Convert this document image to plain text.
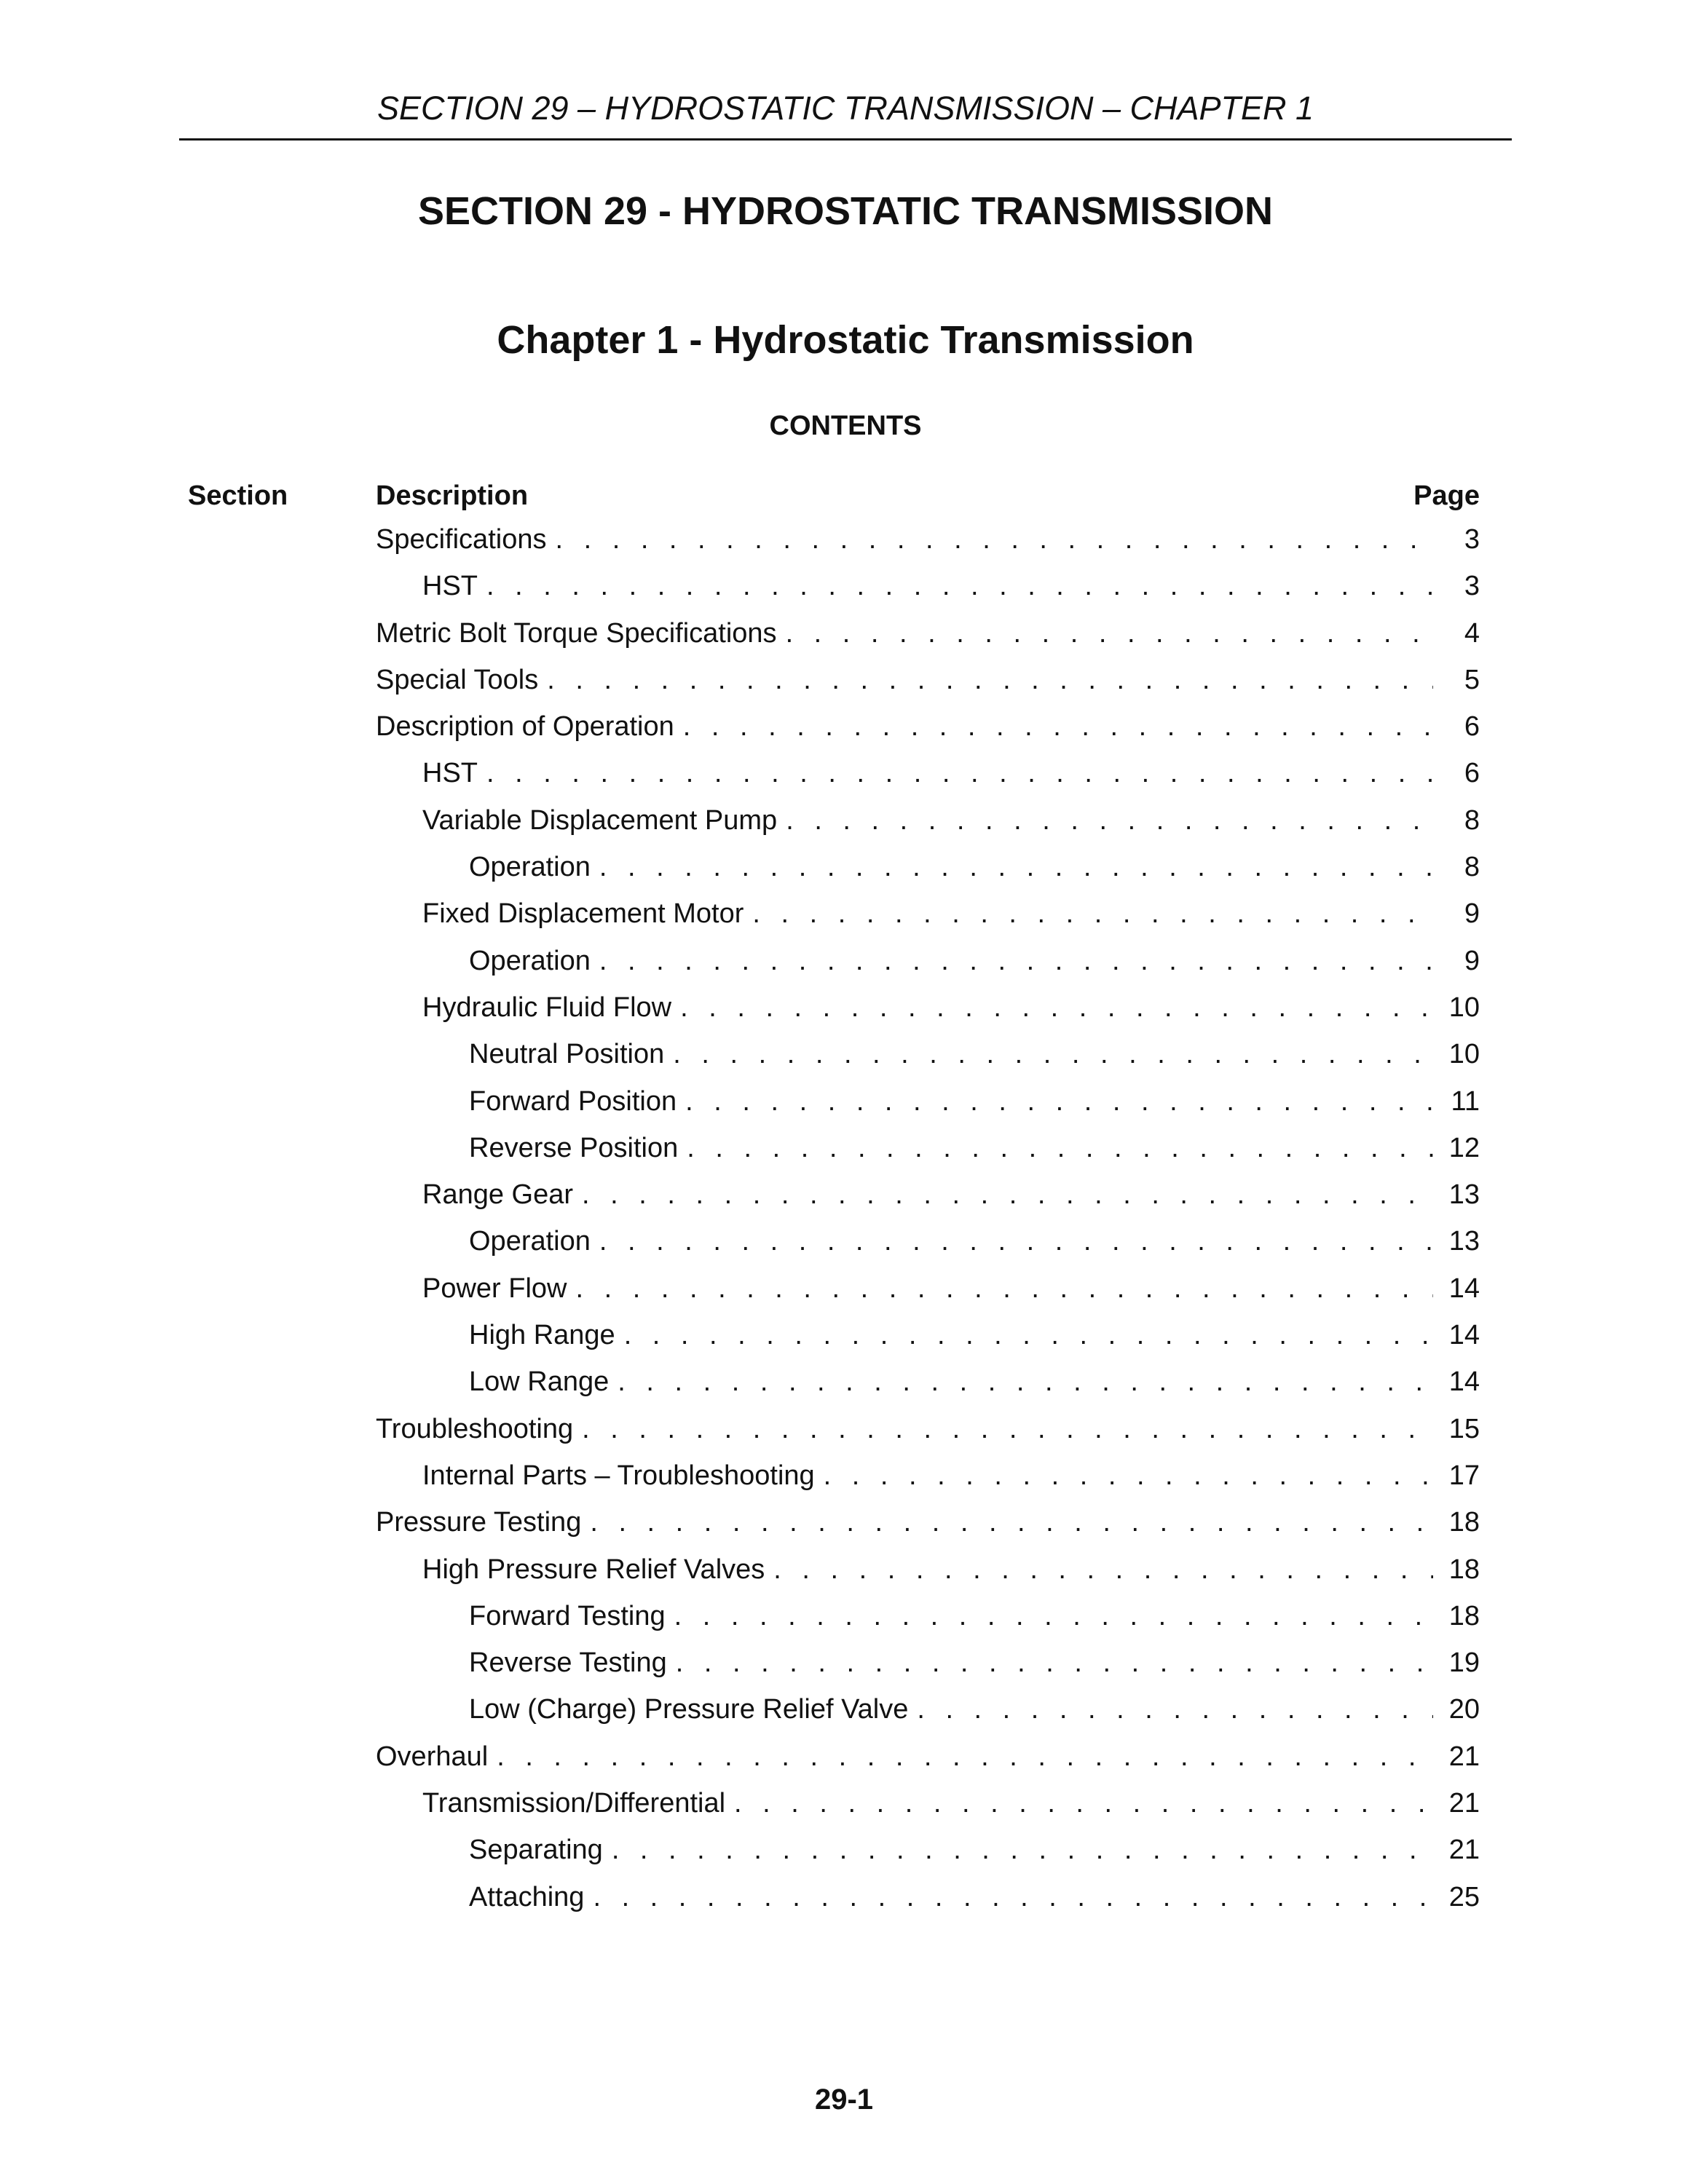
SECTION 29 – HYDROSTATIC TRANSMISSION – CHAPTER 1
SECTION 29 - HYDROSTATIC TRANSMISSION
Chapter 1 - Hydrostatic Transmission
CONTENTS
Section	Description	Page
Specifications . . .	3
HST . . .	3
Metric Bolt Torque Specifications . . .	4
Special Tools . . .	5
Description of Operation . . .	6
HST . . .	6
Variable Displacement Pump . . .	8
Operation . . .	8
Fixed Displacement Motor . . .	9
Operation . . .	9
Hydraulic Fluid Flow . . .	10
Neutral Position . . .	10
Forward Position . . .	11
Reverse Position . . .	12
Range Gear . . .	13
Operation . . .	13
Power Flow . . .	14
High Range . . .	14
Low Range . . .	14
Troubleshooting . . .	15
Internal Parts – Troubleshooting . . .	17
Pressure Testing . . .	18
High Pressure Relief Valves . . .	18
Forward Testing . . .	18
Reverse Testing . . .	19
Low (Charge) Pressure Relief Valve . . .	20
Overhaul . . .	21
Transmission/Differential . . .	21
Separating . . .	21
Attaching . . .	25
29-1
